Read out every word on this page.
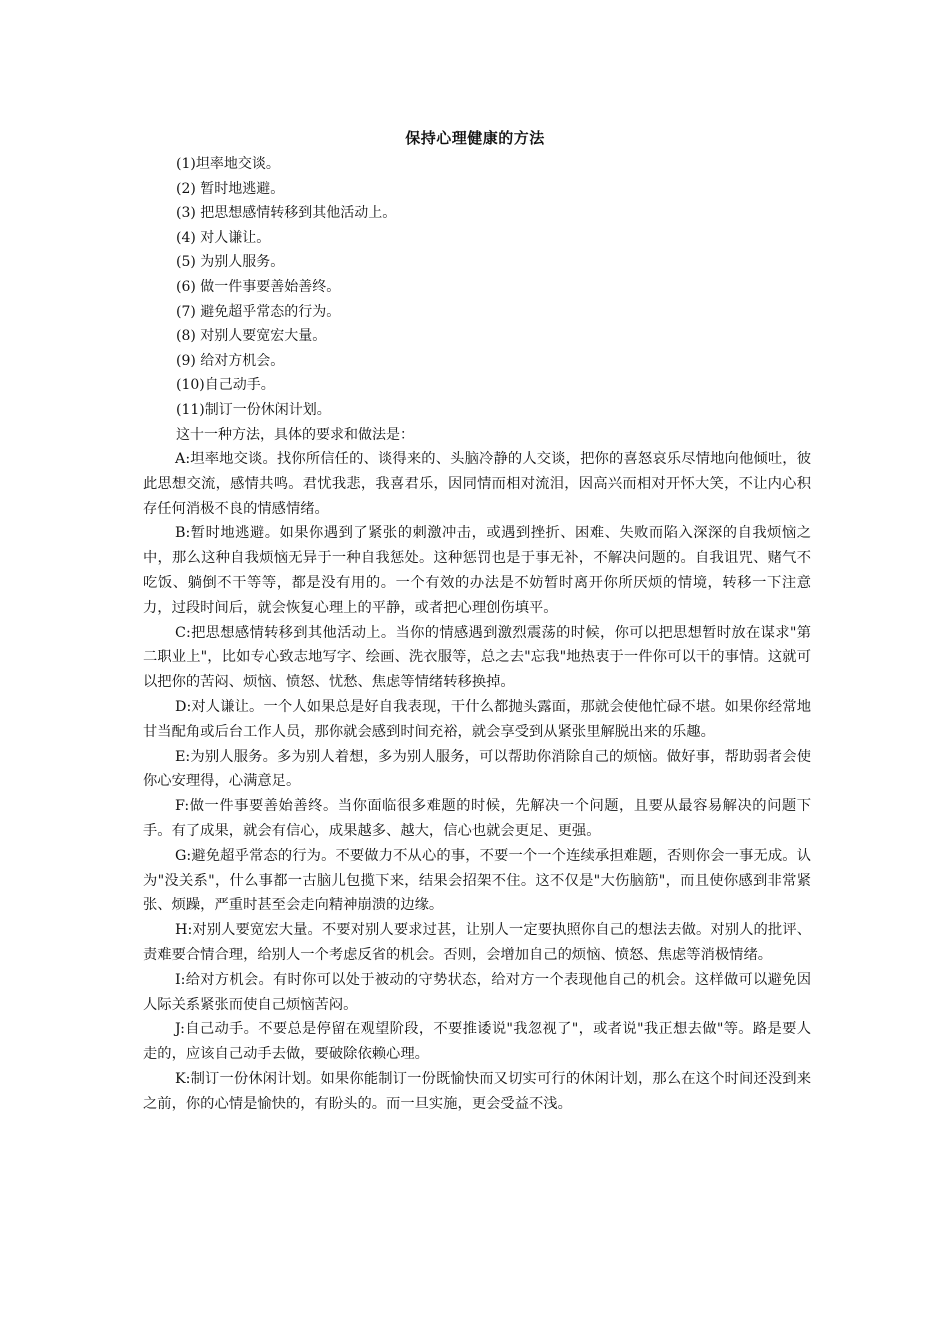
保持心理健康的方法
(1)坦率地交谈。
(2) 暂时地逃避。
(3) 把思想感情转移到其他活动上。
(4) 对人谦让。
(5) 为别人服务。
(6) 做一件事要善始善终。
(7) 避免超乎常态的行为。
(8) 对别人要宽宏大量。
(9) 给对方机会。
(10)自己动手。
(11)制订一份休闲计划。
这十一种方法，具体的要求和做法是：

A:坦率地交谈。找你所信任的、谈得来的、头脑冷静的人交谈，把你的喜怒哀乐尽情地向他倾吐，彼此思想交流，感情共鸣。君忧我悲，我喜君乐，因同情而相对流泪，因高兴而相对开怀大笑，不让内心积存任何消极不良的情感情绪。

B:暂时地逃避。如果你遇到了紧张的刺激冲击，或遇到挫折、困难、失败而陷入深深的自我烦恼之中，那么这种自我烦恼无异于一种自我惩处。这种惩罚也是于事无补，不解决问题的。自我诅咒、赌气不吃饭、躺倒不干等等，都是没有用的。一个有效的办法是不妨暂时离开你所厌烦的情境，转移一下注意力，过段时间后，就会恢复心理上的平静，或者把心理创伤填平。

C:把思想感情转移到其他活动上。当你的情感遇到激烈震荡的时候，你可以把思想暂时放在谋求"第二职业上"，比如专心致志地写字、绘画、洗衣服等，总之去"忘我"地热衷于一件你可以干的事情。这就可以把你的苦闷、烦恼、愤怒、忧愁、焦虑等情绪转移换掉。

D:对人谦让。一个人如果总是好自我表现，干什么都抛头露面，那就会使他忙碌不堪。如果你经常地甘当配角或后台工作人员，那你就会感到时间充裕，就会享受到从紧张里解脱出来的乐趣。

E:为别人服务。多为别人着想，多为别人服务，可以帮助你消除自己的烦恼。做好事，帮助弱者会使你心安理得，心满意足。

F:做一件事要善始善终。当你面临很多难题的时候，先解决一个问题，且要从最容易解决的问题下手。有了成果，就会有信心，成果越多、越大，信心也就会更足、更强。

G:避免超乎常态的行为。不要做力不从心的事，不要一个一个连续承担难题，否则你会一事无成。认为"没关系"，什么事都一古脑儿包揽下来，结果会招架不住。这不仅是"大伤脑筋"，而且使你感到非常紧张、烦躁，严重时甚至会走向精神崩溃的边缘。

H:对别人要宽宏大量。不要对别人要求过甚，让别人一定要执照你自己的想法去做。对别人的批评、责难要合情合理，给别人一个考虑反省的机会。否则，会增加自己的烦恼、愤怒、焦虑等消极情绪。

I:给对方机会。有时你可以处于被动的守势状态，给对方一个表现他自己的机会。这样做可以避免因人际关系紧张而使自己烦恼苦闷。

J:自己动手。不要总是停留在观望阶段，不要推诿说"我忽视了"，或者说"我正想去做"等。路是要人走的，应该自己动手去做，要破除依赖心理。

K:制订一份休闲计划。如果你能制订一份既愉快而又切实可行的休闲计划，那么在这个时间还没到来之前，你的心情是愉快的，有盼头的。而一旦实施，更会受益不浅。
